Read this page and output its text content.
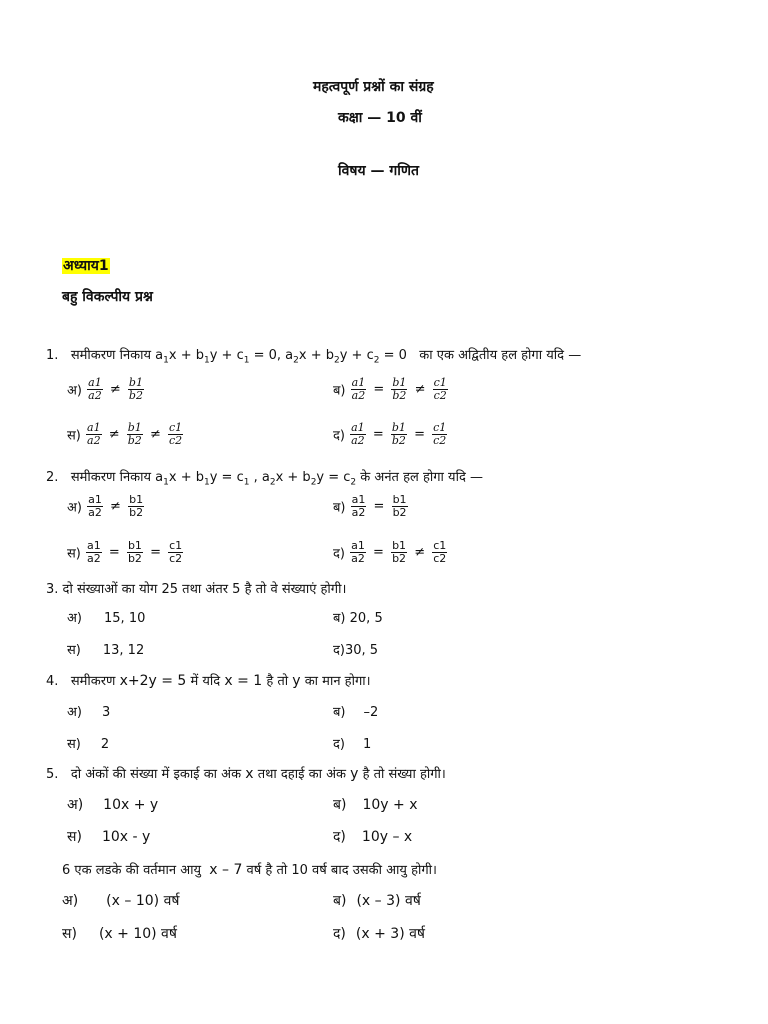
महत्वपूर्ण प्रश्नों का संग्रह
कक्षा — 10 वीं
विषय — गणित
अध्याय1
बहु विकल्पीय प्रश्न
1. समीकरण निकाय $a_1x + b_1y + c_1 = 0$, $a_2x + b_2y + c_2 = 0$ का एक अद्वितीय हल होगा यदि —
अ) $\frac{a1}{a2} \ne \frac{b1}{b2}$	ब) $\frac{a1}{a2} = \frac{b1}{b2} \ne \frac{c1}{c2}$
स) $\frac{a1}{a2} \ne \frac{b1}{b2} \ne \frac{c1}{c2}$	द) $\frac{a1}{a2} = \frac{b1}{b2} = \frac{c1}{c2}$
2. समीकरण निकाय $a_1x + b_1y = c_1$ , $a_2x + b_2y = c_2$ के अनंत हल होगा यदि —
अ) $\frac{a1}{a2} \ne \frac{b1}{b2}$	ब) $\frac{a1}{a2} = \frac{b1}{b2}$
स) $\frac{a1}{a2} = \frac{b1}{b2} = \frac{c1}{c2}$	द) $\frac{a1}{a2} = \frac{b1}{b2} \ne \frac{c1}{c2}$
3. दो संख्याओं का योग 25 तथा अंतर 5 है तो वे संख्याएं होगी।
अ) 15, 10	ब) 20, 5
स) 13, 12	द)30, 5
4. समीकरण x+2y = 5 में यदि x = 1 है तो y का मान होगा।
अ) 3	ब) –2
स) 2	द) 1
5. दो अंकों की संख्या में इकाई का अंक x तथा दहाई का अंक y है तो संख्या होगी।
अ) 10x + y	ब) 10y + x
स) 10x - y	द) 10y – x
6 एक लडके की वर्तमान आयु x – 7 वर्ष है तो 10 वर्ष बाद उसकी आयु होगी।
अ) (x – 10) वर्ष	ब) (x – 3) वर्ष
स) (x + 10) वर्ष	द) (x + 3) वर्ष
